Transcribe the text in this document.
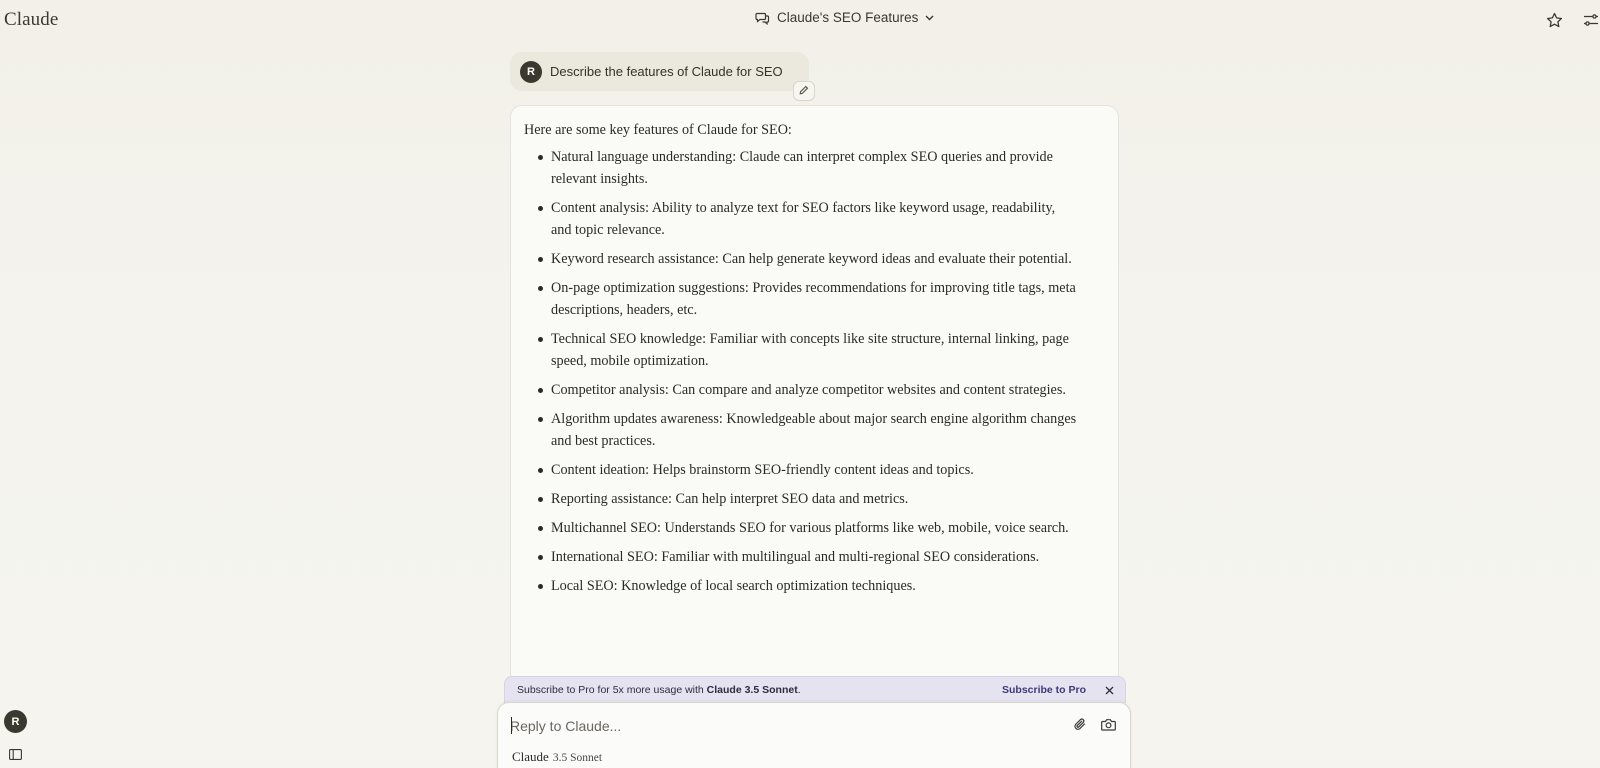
Claude	Claude's SEO Features
R	Describe the features of Claude for SEO

Here are some key features of Claude for SEO:

Natural language understanding: Claude can interpret complex SEO queries and provide relevant insights.
Content analysis: Ability to analyze text for SEO factors like keyword usage, readability, and topic relevance.
Keyword research assistance: Can help generate keyword ideas and evaluate their potential.
On-page optimization suggestions: Provides recommendations for improving title tags, meta descriptions, headers, etc.
Technical SEO knowledge: Familiar with concepts like site structure, internal linking, page speed, mobile optimization.
Competitor analysis: Can compare and analyze competitor websites and content strategies.
Algorithm updates awareness: Knowledgeable about major search engine algorithm changes and best practices.
Content ideation: Helps brainstorm SEO-friendly content ideas and topics.
Reporting assistance: Can help interpret SEO data and metrics.
Multichannel SEO: Understands SEO for various platforms like web, mobile, voice search.
International SEO: Familiar with multilingual and multi-regional SEO considerations.
Local SEO: Knowledge of local search optimization techniques.
Subscribe to Pro for 5x more usage with Claude 3.5 Sonnet.	Subscribe to Pro
Reply to Claude...
Claude 3.5 Sonnet
R
